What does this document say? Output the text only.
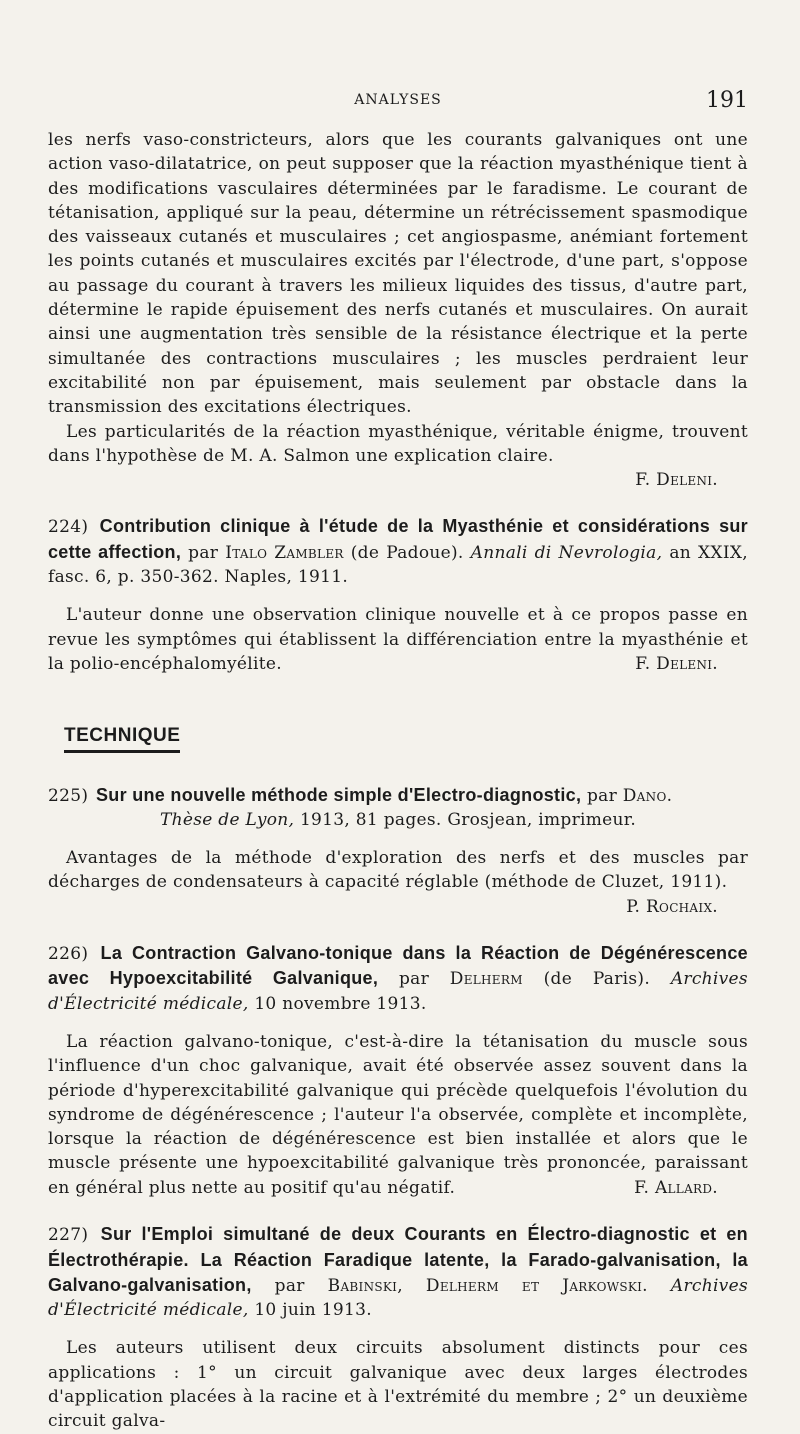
ANALYSES	191

les nerfs vaso-constricteurs, alors que les courants galvaniques ont une action vaso-dilatatrice, on peut supposer que la réaction myasthénique tient à des modifications vasculaires déterminées par le faradisme. Le courant de tétanisation, appliqué sur la peau, détermine un rétrécissement spasmodique des vaisseaux cutanés et musculaires ; cet angiospasme, anémiant fortement les points cutanés et musculaires excités par l'électrode, d'une part, s'oppose au passage du courant à travers les milieux liquides des tissus, d'autre part, détermine le rapide épuisement des nerfs cutanés et musculaires. On aurait ainsi une augmentation très sensible de la résistance électrique et la perte simultanée des contractions musculaires ; les muscles perdraient leur excitabilité non par épuisement, mais seulement par obstacle dans la transmission des excitations électriques.

Les particularités de la réaction myasthénique, véritable énigme, trouvent dans l'hypothèse de M. A. Salmon une explication claire.

F. Deleni.

224) Contribution clinique à l'étude de la Myasthénie et considérations sur cette affection, par Italo Zambler (de Padoue). Annali di Nevrologia, an XXIX, fasc. 6, p. 350-362. Naples, 1911.

L'auteur donne une observation clinique nouvelle et à ce propos passe en revue les symptômes qui établissent la différenciation entre la myasthénie et la polio-encéphalomyélite.	F. Deleni.

TECHNIQUE

225) Sur une nouvelle méthode simple d'Electro-diagnostic, par Dano.

Thèse de Lyon, 1913, 81 pages. Grosjean, imprimeur.

Avantages de la méthode d'exploration des nerfs et des muscles par décharges de condensateurs à capacité réglable (méthode de Cluzet, 1911).

P. Rochaix.

226) La Contraction Galvano-tonique dans la Réaction de Dégénérescence avec Hypoexcitabilité Galvanique, par Delherm (de Paris). Archives d'Électricité médicale, 10 novembre 1913.

La réaction galvano-tonique, c'est-à-dire la tétanisation du muscle sous l'influence d'un choc galvanique, avait été observée assez souvent dans la période d'hyperexcitabilité galvanique qui précède quelquefois l'évolution du syndrome de dégénérescence ; l'auteur l'a observée, complète et incomplète, lorsque la réaction de dégénérescence est bien installée et alors que le muscle présente une hypoexcitabilité galvanique très prononcée, paraissant en général plus nette au positif qu'au négatif.	F. Allard.

227) Sur l'Emploi simultané de deux Courants en Électro-diagnostic et en Électrothérapie. La Réaction Faradique latente, la Farado-galvanisation, la Galvano-galvanisation, par Babinski, Delherm et Jarkowski. Archives d'Électricité médicale, 10 juin 1913.

Les auteurs utilisent deux circuits absolument distincts pour ces applications : 1° un circuit galvanique avec deux larges électrodes d'application placées à la racine et à l'extrémité du membre ; 2° un deuxième circuit galva-
